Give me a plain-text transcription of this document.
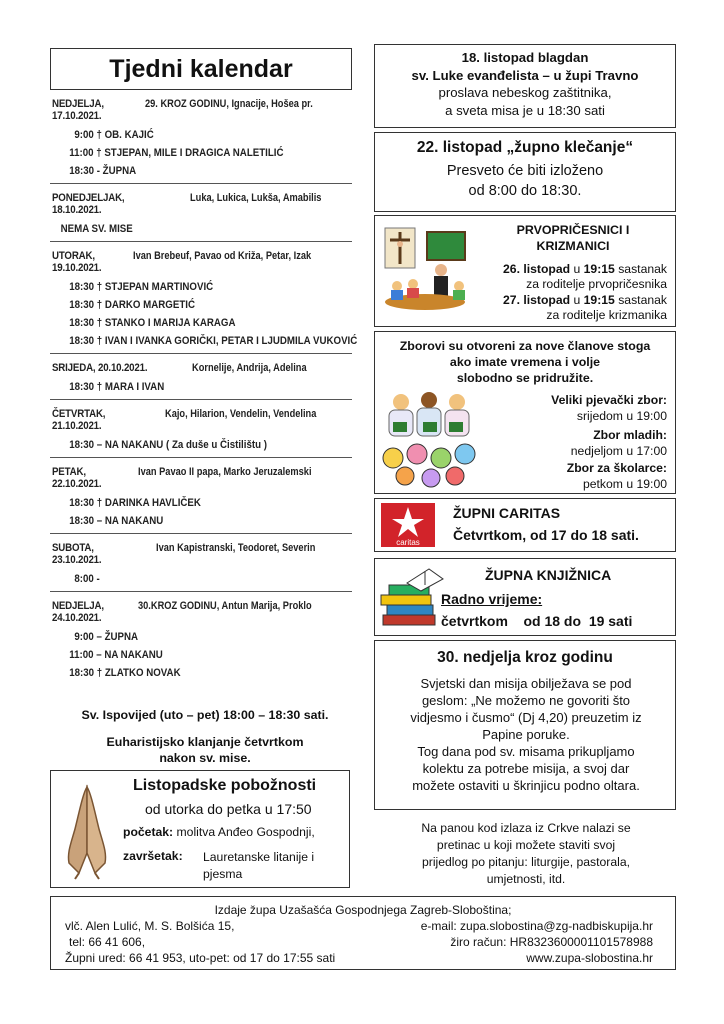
Tjedni kalendar
NEDJELJA, 17.10.2021.
29. KROZ GODINU, Ignacije, Hošea pr.
9:00 † OB. KAJIĆ
11:00 † STJEPAN, MILE I DRAGICA NALETILIĆ
18:30 - ŽUPNA
PONEDJELJAK, 18.10.2021.
Luka, Lukica, Lukša, Amabilis
NEMA SV. MISE
UTORAK, 19.10.2021.
Ivan Brebeuf, Pavao od Križa, Petar, Izak
18:30 † STJEPAN MARTINOVIĆ
18:30 † DARKO MARGETIĆ
18:30 † STANKO I MARIJA KARAGA
18:30 † IVAN I IVANKA GORIČKI, PETAR I LJUDMILA VUKOVIĆ
SRIJEDA, 20.10.2021.	Kornelije, Andrija, Adelina
18:30 † MARA I IVAN
ČETVRTAK, 21.10.2021.
Kajo, Hilarion, Vendelin, Vendelina
18:30 – NA NAKANU ( Za duše u Čistilištu )
PETAK, 22.10.2021.
Ivan Pavao II papa, Marko Jeruzalemski
18:30 † DARINKA HAVLIČEK
18:30 – NA NAKANU
SUBOTA, 23.10.2021.
Ivan Kapistranski, Teodoret, Severin
8:00 -
NEDJELJA, 24.10.2021.
30.KROZ GODINU, Antun Marija, Proklo
9:00 – ŽUPNA
11:00 – NA NAKANU
18:30 † ZLATKO NOVAK
Sv. Ispovijed (uto – pet) 18:00 – 18:30 sati.
Euharistijsko klanjanje četvrtkom
nakon sv. mise.
Listopadske pobožnosti
od utorka do petka u 17:50
početak: molitva Anđeo Gospodnji,
završetak: Lauretanske litanije i pjesma
18. listopad blagdan
sv. Luke evanđelista – u župi Travno
proslava nebeskog zaštitnika,
a sveta misa je u 18:30 sati
22. listopad „župno klečanje“
Presveto će biti izloženo
od 8:00 do 18:30.
PRVOPRIČESNICI I
KRIZMANICI
26. listopad u 19:15 sastanak
za roditelje prvopričesnika
27. listopad u 19:15 sastanak
za roditelje krizmanika
Zborovi su otvoreni za nove članove stoga
ako imate vremena i volje
slobodno se pridružite.
Veliki pjevački zbor:
srijedom u 19:00
Zbor mladih:
nedjeljom u 17:00
Zbor za školarce:
petkom u 19:00
caritas
ŽUPNI CARITAS
Četvrtkom, od 17 do 18 sati.
ŽUPNA KNJIŽNICA
Radno vrijeme:
četvrtkom    od 18 do  19 sati
30. nedjelja kroz godinu
Svjetski dan misija obilježava se pod
geslom: „Ne možemo ne govoriti što
vidjesmo i čusmo“ (Dj 4,20) preuzetim iz
Papine poruke.
Tog dana pod sv. misama prikupljamo
kolektu za potrebe misija, a svoj dar
možete ostaviti u škrinjicu podno oltara.
Na panou kod izlaza iz Crkve nalazi se
pretinac u koji možete staviti svoj
prijedlog po pitanju: liturgije, pastorala,
umjetnosti, itd.
Izdaje župa Uzašašća Gospodnjega Zagreb-Sloboština;
vlč. Alen Lulić, M. S. Bolšića 15,
tel: 66 41 606,
Župni ured: 66 41 953, uto-pet: od 17 do 17:55 sati
e-mail: zupa.slobostina@zg-nadbiskupija.hr
žiro račun: HR8323600001101578988
www.zupa-slobostina.hr
